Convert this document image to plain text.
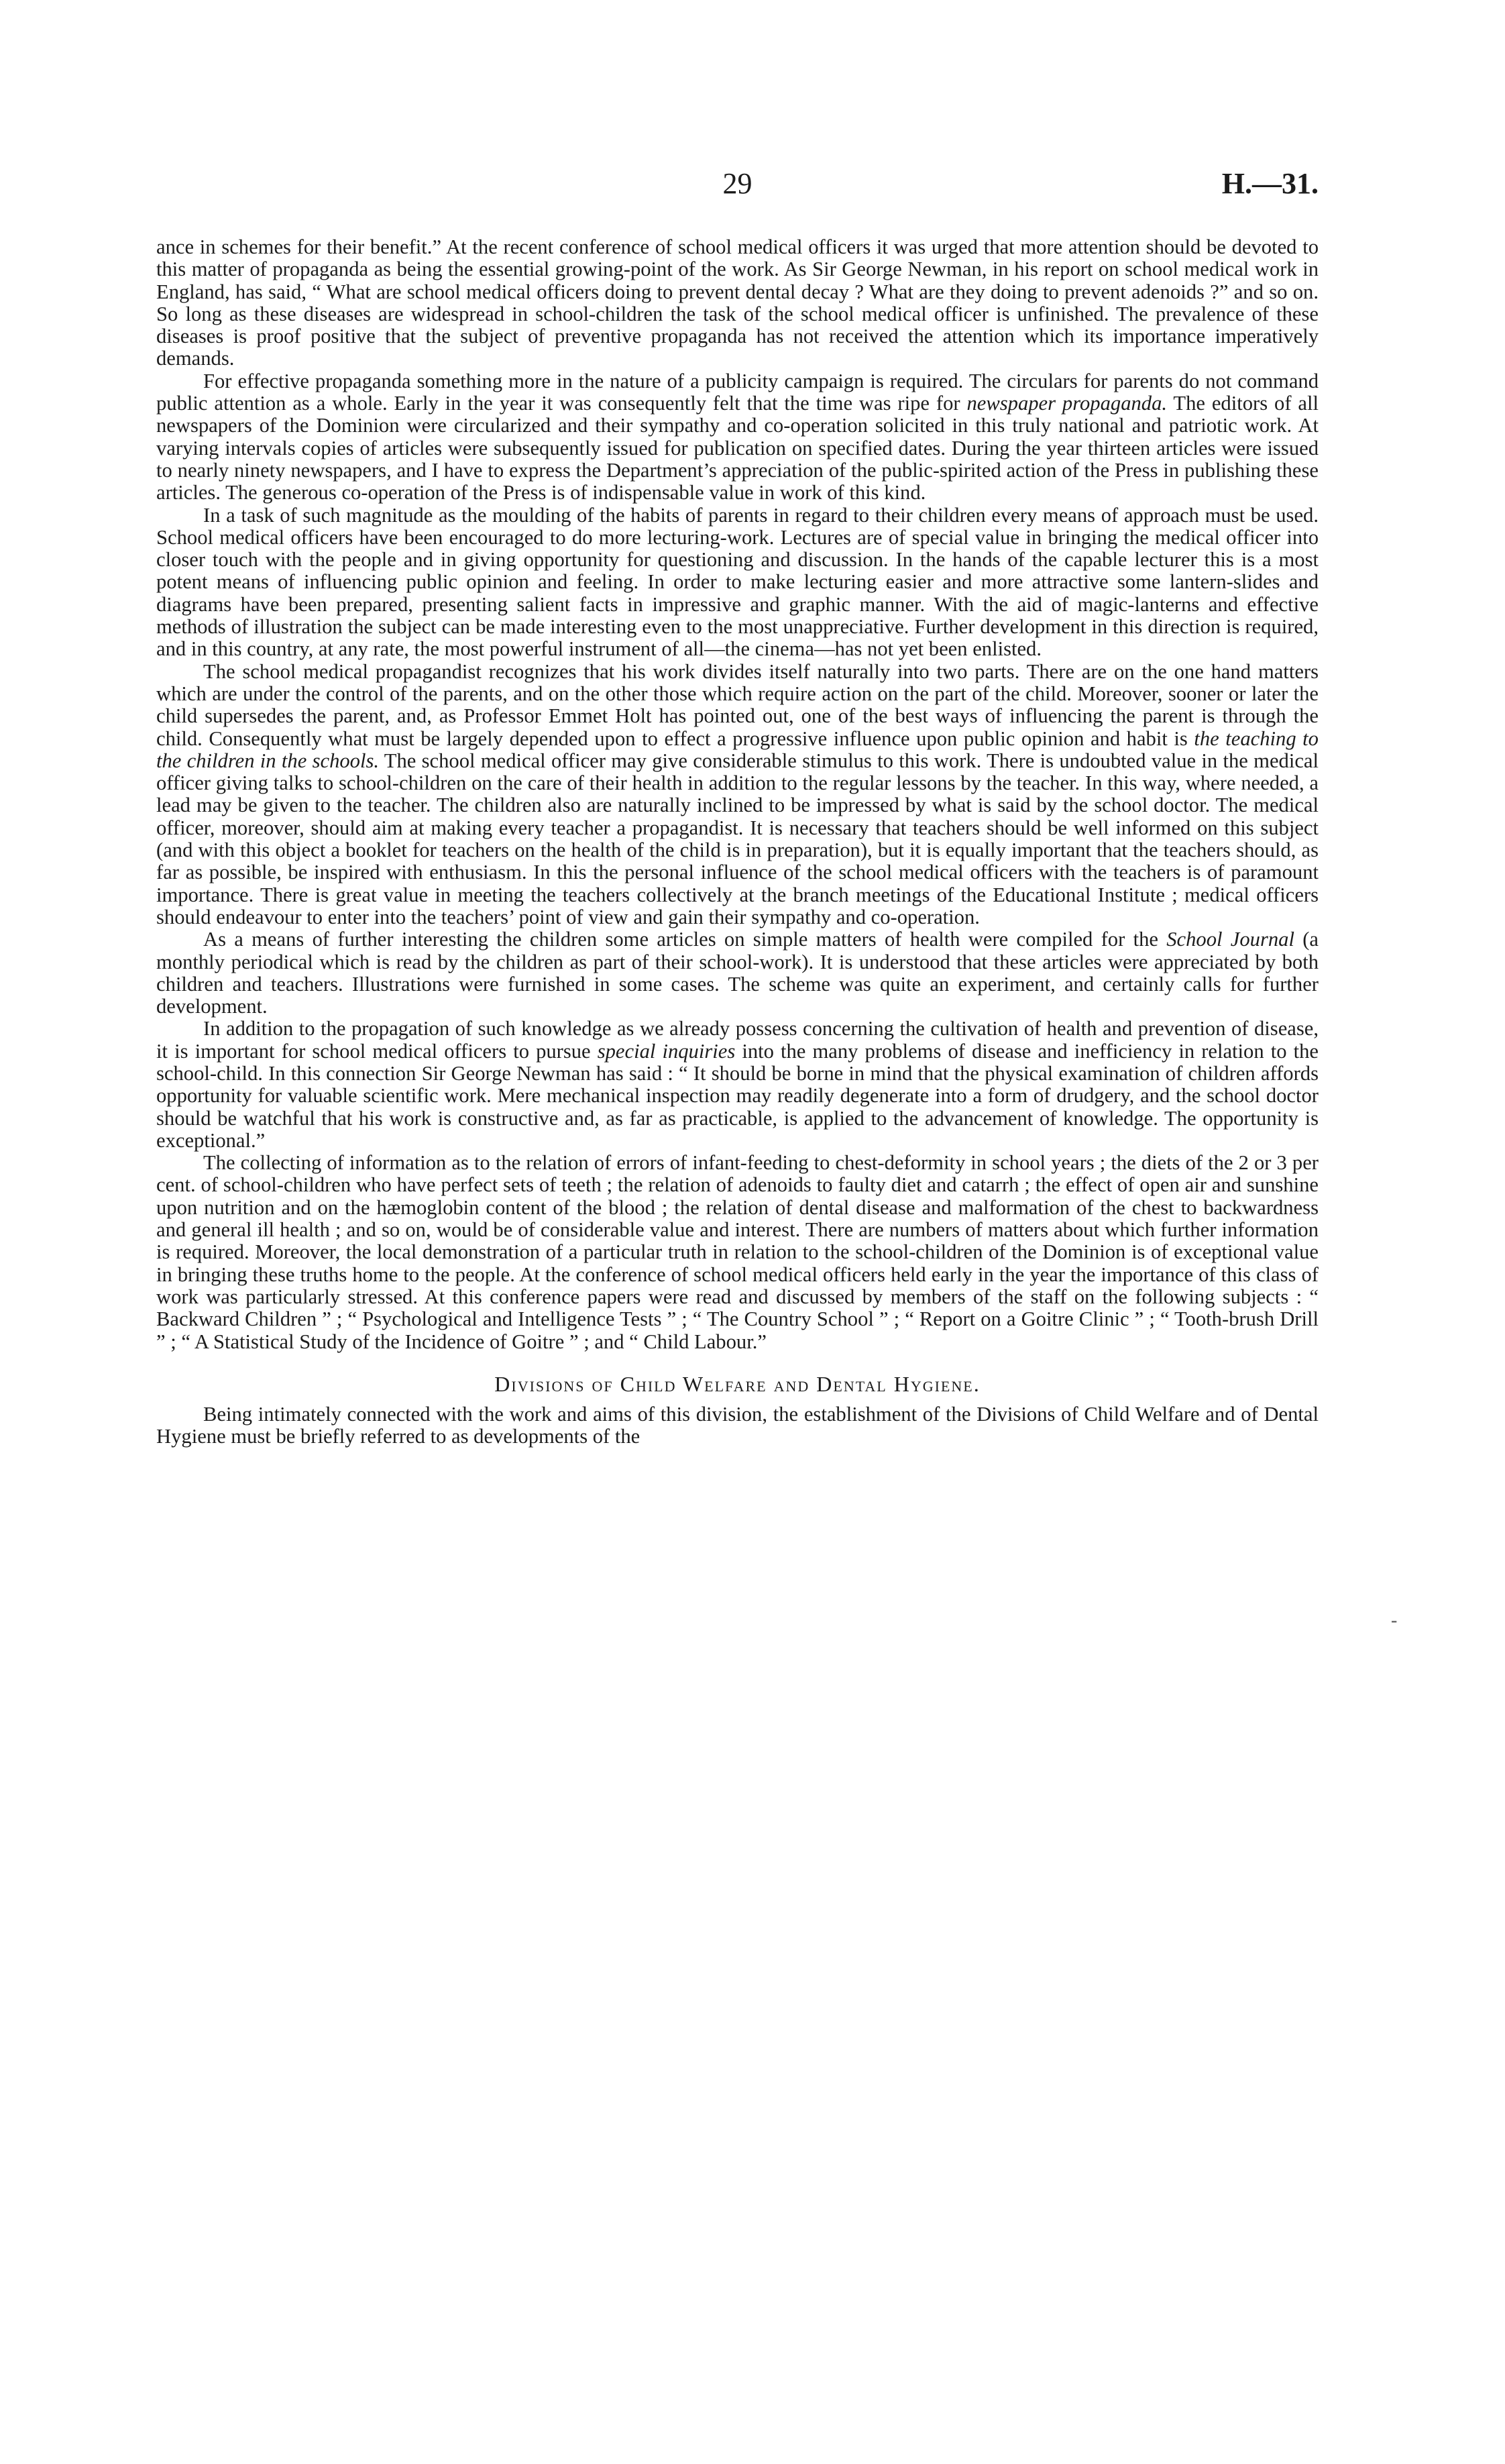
29	H.—31.

ance in schemes for their benefit.” At the recent conference of school medical officers it was urged that more attention should be devoted to this matter of propaganda as being the essential growing-point of the work. As Sir George Newman, in his report on school medical work in England, has said, “ What are school medical officers doing to prevent dental decay ? What are they doing to prevent adenoids ?” and so on. So long as these diseases are widespread in school-children the task of the school medical officer is unfinished. The prevalence of these diseases is proof positive that the subject of preventive propaganda has not received the attention which its importance imperatively demands.

For effective propaganda something more in the nature of a publicity campaign is required. The circulars for parents do not command public attention as a whole. Early in the year it was consequently felt that the time was ripe for newspaper propaganda. The editors of all newspapers of the Dominion were circularized and their sympathy and co-operation solicited in this truly national and patriotic work. At varying intervals copies of articles were subsequently issued for publication on specified dates. During the year thirteen articles were issued to nearly ninety newspapers, and I have to express the Department’s appreciation of the public-spirited action of the Press in publishing these articles. The generous co-operation of the Press is of indispensable value in work of this kind.

In a task of such magnitude as the moulding of the habits of parents in regard to their children every means of approach must be used. School medical officers have been encouraged to do more lecturing-work. Lectures are of special value in bringing the medical officer into closer touch with the people and in giving opportunity for questioning and discussion. In the hands of the capable lecturer this is a most potent means of influencing public opinion and feeling. In order to make lecturing easier and more attractive some lantern-slides and diagrams have been prepared, presenting salient facts in impressive and graphic manner. With the aid of magic-lanterns and effective methods of illustration the subject can be made interesting even to the most unappreciative. Further development in this direction is required, and in this country, at any rate, the most powerful instrument of all—the cinema—has not yet been enlisted.

The school medical propagandist recognizes that his work divides itself naturally into two parts. There are on the one hand matters which are under the control of the parents, and on the other those which require action on the part of the child. Moreover, sooner or later the child supersedes the parent, and, as Professor Emmet Holt has pointed out, one of the best ways of influencing the parent is through the child. Consequently what must be largely depended upon to effect a progressive influence upon public opinion and habit is the teaching to the children in the schools. The school medical officer may give considerable stimulus to this work. There is undoubted value in the medical officer giving talks to school-children on the care of their health in addition to the regular lessons by the teacher. In this way, where needed, a lead may be given to the teacher. The children also are naturally inclined to be impressed by what is said by the school doctor. The medical officer, moreover, should aim at making every teacher a propagandist. It is necessary that teachers should be well informed on this subject (and with this object a booklet for teachers on the health of the child is in preparation), but it is equally important that the teachers should, as far as possible, be inspired with enthusiasm. In this the personal influence of the school medical officers with the teachers is of paramount importance. There is great value in meeting the teachers collectively at the branch meetings of the Educational Institute ; medical officers should endeavour to enter into the teachers’ point of view and gain their sympathy and co-operation.

As a means of further interesting the children some articles on simple matters of health were compiled for the School Journal (a monthly periodical which is read by the children as part of their school-work). It is understood that these articles were appreciated by both children and teachers. Illustrations were furnished in some cases. The scheme was quite an experiment, and certainly calls for further development.

In addition to the propagation of such knowledge as we already possess concerning the cultivation of health and prevention of disease, it is important for school medical officers to pursue special inquiries into the many problems of disease and inefficiency in relation to the school-child. In this connection Sir George Newman has said : “ It should be borne in mind that the physical examination of children affords opportunity for valuable scientific work. Mere mechanical inspection may readily degenerate into a form of drudgery, and the school doctor should be watchful that his work is constructive and, as far as practicable, is applied to the advancement of knowledge. The opportunity is exceptional.”

The collecting of information as to the relation of errors of infant-feeding to chest-deformity in school years ; the diets of the 2 or 3 per cent. of school-children who have perfect sets of teeth ; the relation of adenoids to faulty diet and catarrh ; the effect of open air and sunshine upon nutrition and on the hæmoglobin content of the blood ; the relation of dental disease and malformation of the chest to backwardness and general ill health ; and so on, would be of considerable value and interest. There are numbers of matters about which further information is required. Moreover, the local demonstration of a particular truth in relation to the school-children of the Dominion is of exceptional value in bringing these truths home to the people. At the conference of school medical officers held early in the year the importance of this class of work was particularly stressed. At this conference papers were read and discussed by members of the staff on the following subjects : “ Backward Children ” ; “ Psychological and Intelligence Tests ” ; “ The Country School ” ; “ Report on a Goitre Clinic ” ; “ Tooth-brush Drill ” ; “ A Statistical Study of the Incidence of Goitre ” ; and “ Child Labour.”

Divisions of Child Welfare and Dental Hygiene.

Being intimately connected with the work and aims of this division, the establishment of the Divisions of Child Welfare and of Dental Hygiene must be briefly referred to as developments of the

-
